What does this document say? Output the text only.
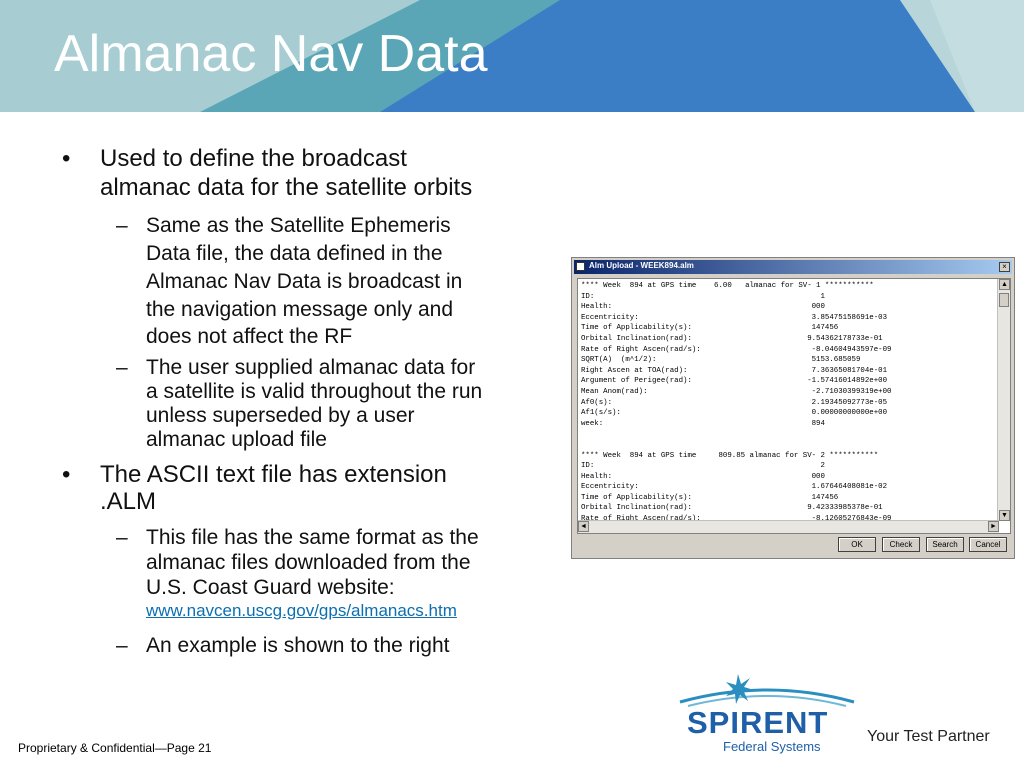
Almanac Nav Data
• Used to define the broadcast
almanac data for the satellite orbits
– Same as the Satellite Ephemeris
Data file, the data defined in the
Almanac Nav Data is broadcast in
the navigation message only and
does not affect the RF
– The user supplied almanac data for
a satellite is valid throughout the run
unless superseded by a user
almanac upload file
• The ASCII text file has extension
.ALM
– This file has the same format as the
almanac files downloaded from the
U.S. Coast Guard website:
www.navcen.uscg.gov/gps/almanacs.htm
– An example is shown to the right
Alm Upload - WEEK894.alm	×
**** Week  894 at GPS time    6.00   almanac for SV- 1 ***********
ID:                                                   1
Health:                                             000
Eccentricity:                                       3.85475158691e-03
Time of Applicability(s):                           147456
Orbital Inclination(rad):                          9.54362178733e-01
Rate of Right Ascen(rad/s):                         -8.04604943597e-09
SQRT(A)  (m^1/2):                                   5153.685059
Right Ascen at TOA(rad):                            7.36365081704e-01
Argument of Perigee(rad):                          -1.57416014892e+00
Mean Anom(rad):                                     -2.71030399319e+00
Af0(s):                                             2.19345092773e-05
Af1(s/s):                                           0.00000000000e+00
week:                                               894

**** Week  894 at GPS time     809.85 almanac for SV- 2 ***********
ID:                                                   2
Health:                                             000
Eccentricity:                                       1.67646408081e-02
Time of Applicability(s):                           147456
Orbital Inclination(rad):                          9.42333985378e-01
▲
▼
◄	►
OK	Check	Search	Cancel
Proprietary & Confidential—Page 21
SPIRENT
Federal Systems
Your Test Partner
